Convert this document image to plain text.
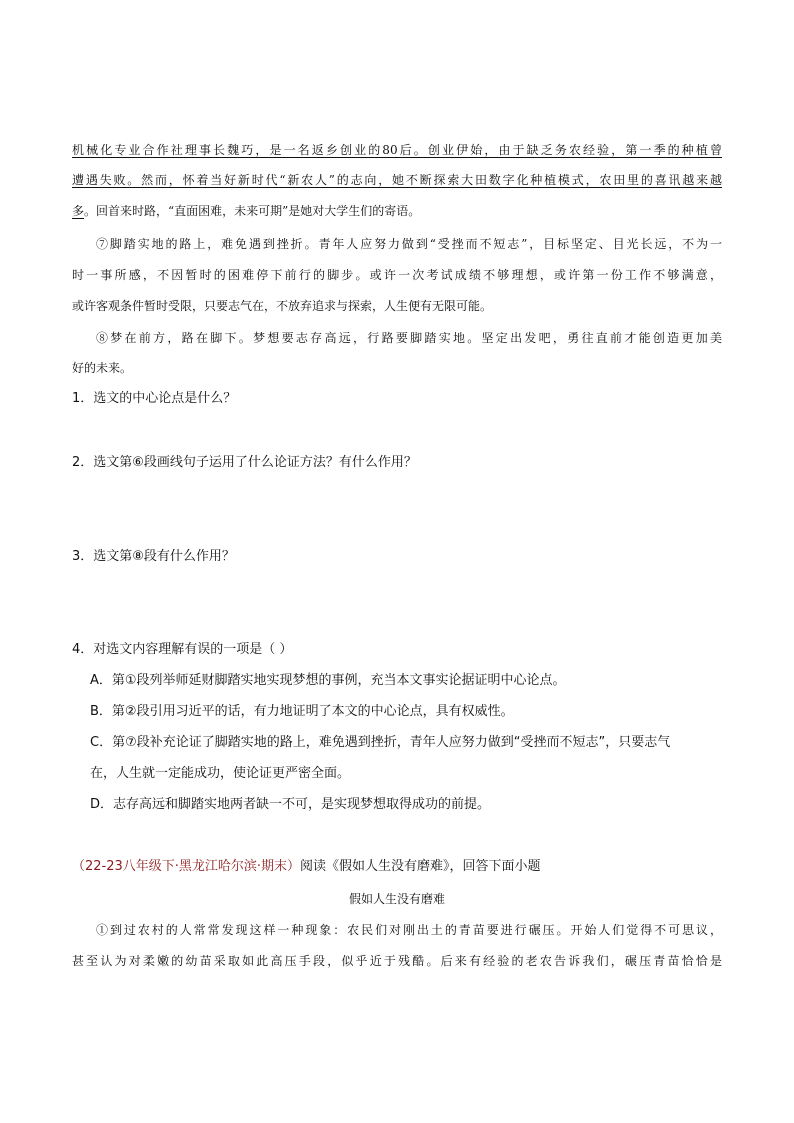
机械化专业合作社理事长魏巧，是一名返乡创业的80后。创业伊始，由于缺乏务农经验，第一季的种植曾
遭遇失败。然而，怀着当好新时代“新农人”的志向，她不断探索大田数字化种植模式，农田里的喜讯越来越
多。回首来时路，“直面困难，未来可期”是她对大学生们的寄语。
⑦脚踏实地的路上，难免遇到挫折。青年人应努力做到“受挫而不短志”，目标坚定、目光长远，不为一
时一事所感，不因暂时的困难停下前行的脚步。或许一次考试成绩不够理想，或许第一份工作不够满意，
或许客观条件暂时受限，只要志气在，不放弃追求与探索，人生便有无限可能。
⑧梦在前方，路在脚下。梦想要志存高远，行路要脚踏实地。坚定出发吧，勇往直前才能创造更加美
好的未来。
1．选文的中心论点是什么？
2．选文第⑥段画线句子运用了什么论证方法？有什么作用？
3．选文第⑧段有什么作用？
4．对选文内容理解有误的一项是（ ）
A．第①段列举师延财脚踏实地实现梦想的事例，充当本文事实论据证明中心论点。
B．第②段引用习近平的话，有力地证明了本文的中心论点，具有权威性。
C．第⑦段补充论证了脚踏实地的路上，难免遇到挫折，青年人应努力做到“受挫而不短志”，只要志气
在，人生就一定能成功，使论证更严密全面。
D．志存高远和脚踏实地两者缺一不可，是实现梦想取得成功的前提。
（22-23八年级下·黑龙江哈尔滨·期末）阅读《假如人生没有磨难》，回答下面小题
假如人生没有磨难
①到过农村的人常常发现这样一种现象：农民们对刚出土的青苗要进行碾压。开始人们觉得不可思议，
甚至认为对柔嫩的幼苗采取如此高压手段，似乎近于残酷。后来有经验的老农告诉我们，碾压青苗恰恰是
